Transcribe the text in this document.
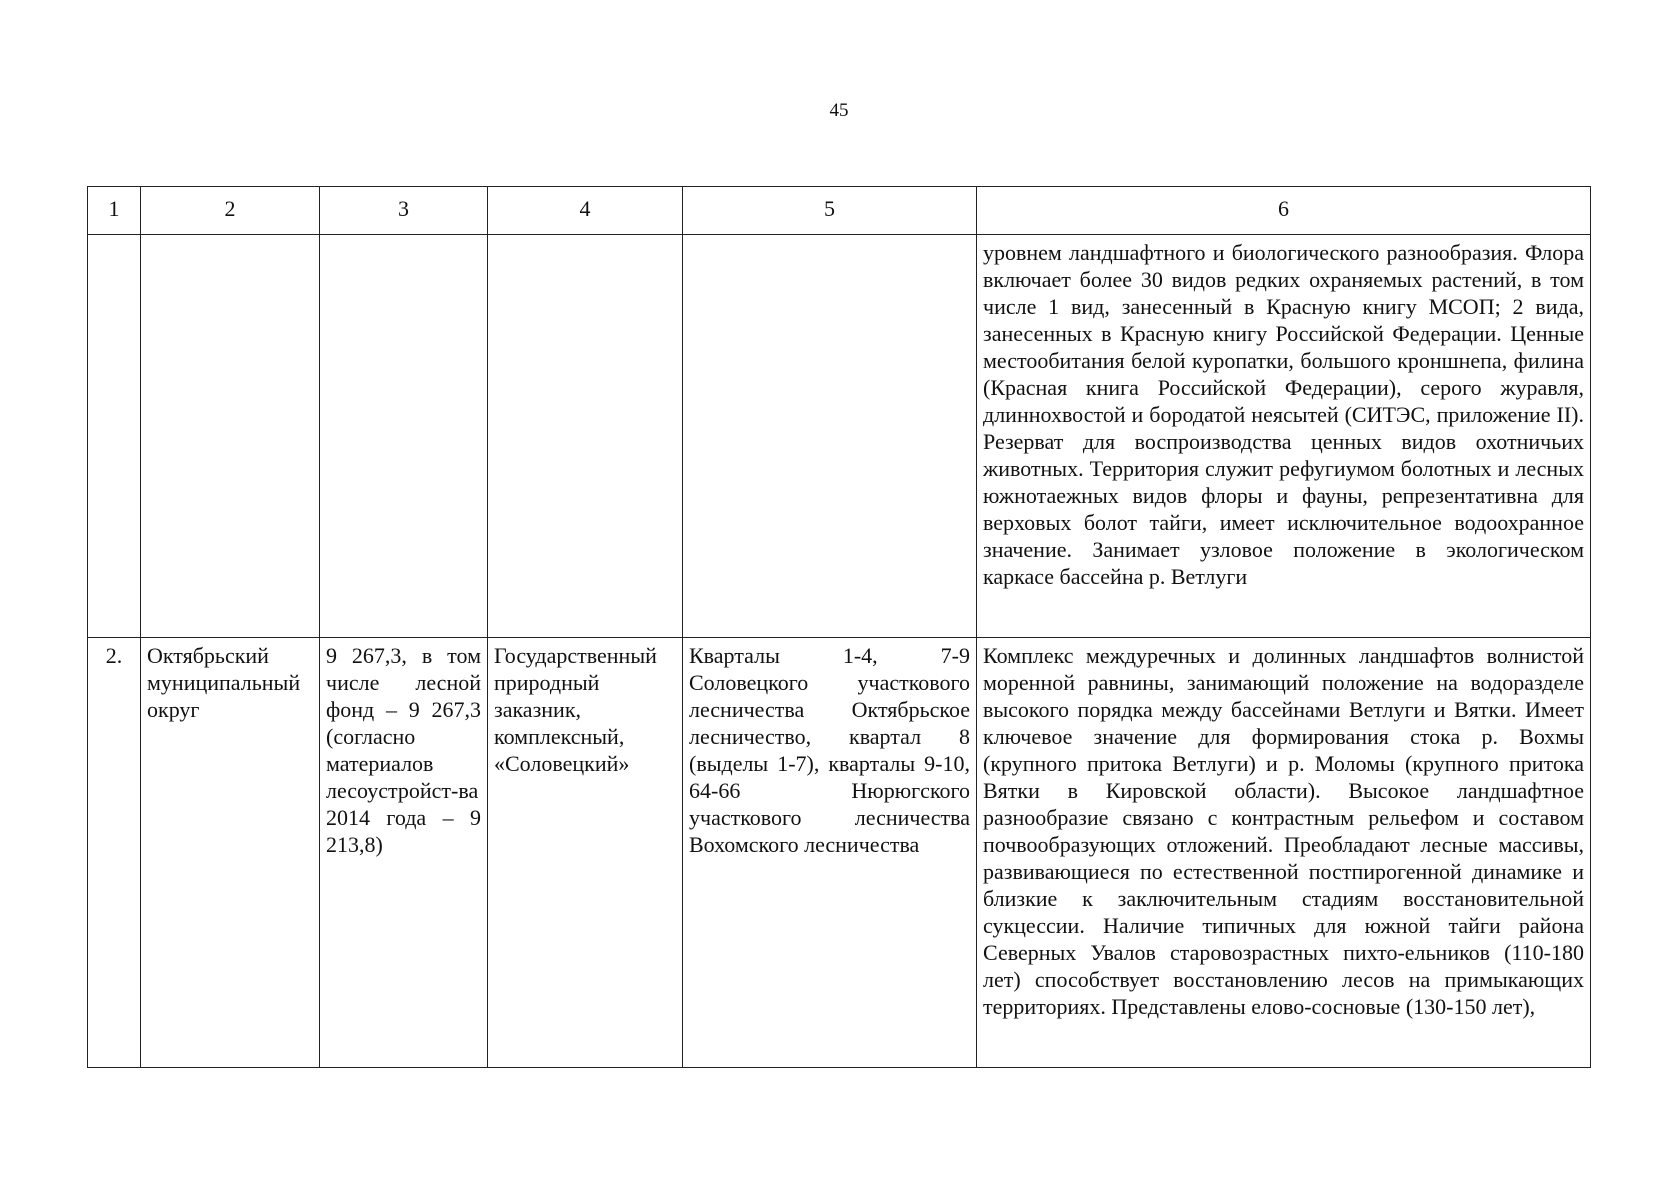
45
1	2	3	4	5	6
					уровнем ландшафтного и биологического разнообразия. Флора включает более 30 видов редких охраняемых растений, в том числе 1 вид, занесенный в Красную книгу МСОП; 2 вида, занесенных в Красную книгу Российской Федерации. Ценные местообитания белой куропатки, большого кроншнепа, филина (Красная книга Российской Федерации), серого журавля, длиннохвостой и бородатой неясытей (СИТЭС, приложение II). Резерват для воспроизводства ценных видов охотничьих животных. Территория служит рефугиумом болотных и лесных южнотаежных видов флоры и фауны, репрезентативна для верховых болот тайги, имеет исключительное водоохранное значение. Занимает узловое положение в экологическом каркасе бассейна р. Ветлуги
2.	Октябрьский муниципальный округ	9 267,3, в том числе лесной фонд – 9 267,3 (согласно материалов лесоустройст-ва 2014 года – 9 213,8)	Государственный природный заказник, комплексный, «Соловецкий»	Кварталы 1-4, 7-9 Соловецкого участкового лесничества Октябрьское лесничество, квартал 8 (выделы 1-7), кварталы 9-10, 64-66 Нюрюгского участкового лесничества Вохомского лесничества	Комплекс междуречных и долинных ландшафтов волнистой моренной равнины, занимающий положение на водоразделе высокого порядка между бассейнами Ветлуги и Вятки. Имеет ключевое значение для формирования стока р. Вохмы (крупного притока Ветлуги) и р. Моломы (крупного притока Вятки в Кировской области). Высокое ландшафтное разнообразие связано с контрастным рельефом и составом почвообразующих отложений. Преобладают лесные массивы, развивающиеся по естественной постпирогенной динамике и близкие к заключительным стадиям восстановительной сукцессии. Наличие типичных для южной тайги района Северных Увалов старовозрастных пихто-ельников (110-180 лет) способствует восстановлению лесов на примыкающих территориях. Представлены елово-сосновые (130-150 лет),
